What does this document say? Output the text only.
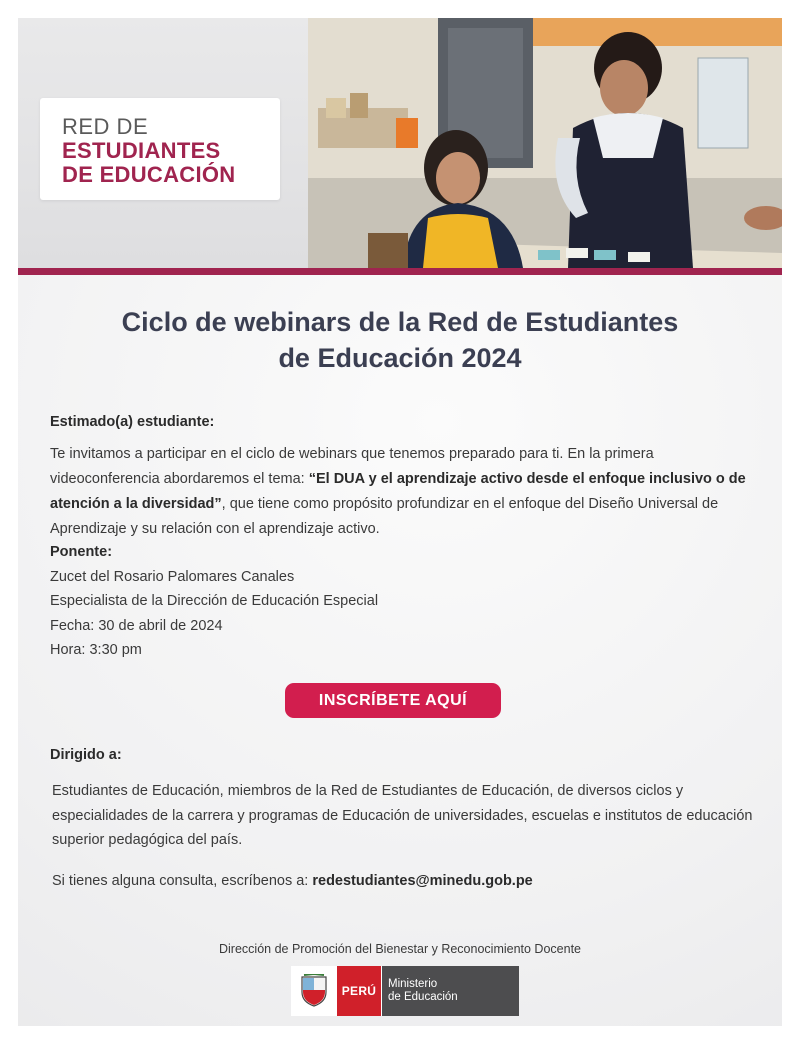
RED DE
ESTUDIANTES
DE EDUCACIÓN
Ciclo de webinars de la Red de Estudiantes
de Educación 2024
Estimado(a) estudiante:
Te invitamos a participar en el ciclo de webinars que tenemos preparado para ti. En la primera videoconferencia abordaremos el tema: “El DUA y el aprendizaje activo desde el enfoque inclusivo o de atención a la diversidad”, que tiene como propósito profundizar en el enfoque del Diseño Universal de Aprendizaje y su relación con el aprendizaje activo.
Ponente:
Zucet del Rosario Palomares Canales
Especialista de la Dirección de Educación Especial
Fecha: 30 de abril de 2024
Hora: 3:30 pm
INSCRÍBETE AQUÍ
Dirigido a:
Estudiantes de Educación, miembros de la Red de Estudiantes de Educación, de diversos ciclos y especialidades de la carrera y programas de Educación de universidades, escuelas e institutos de educación superior pedagógica del país.
Si tienes alguna consulta, escríbenos a: redestudiantes@minedu.gob.pe
Dirección de Promoción del Bienestar y Reconocimiento Docente
PERÚ	Ministerio
de Educación
